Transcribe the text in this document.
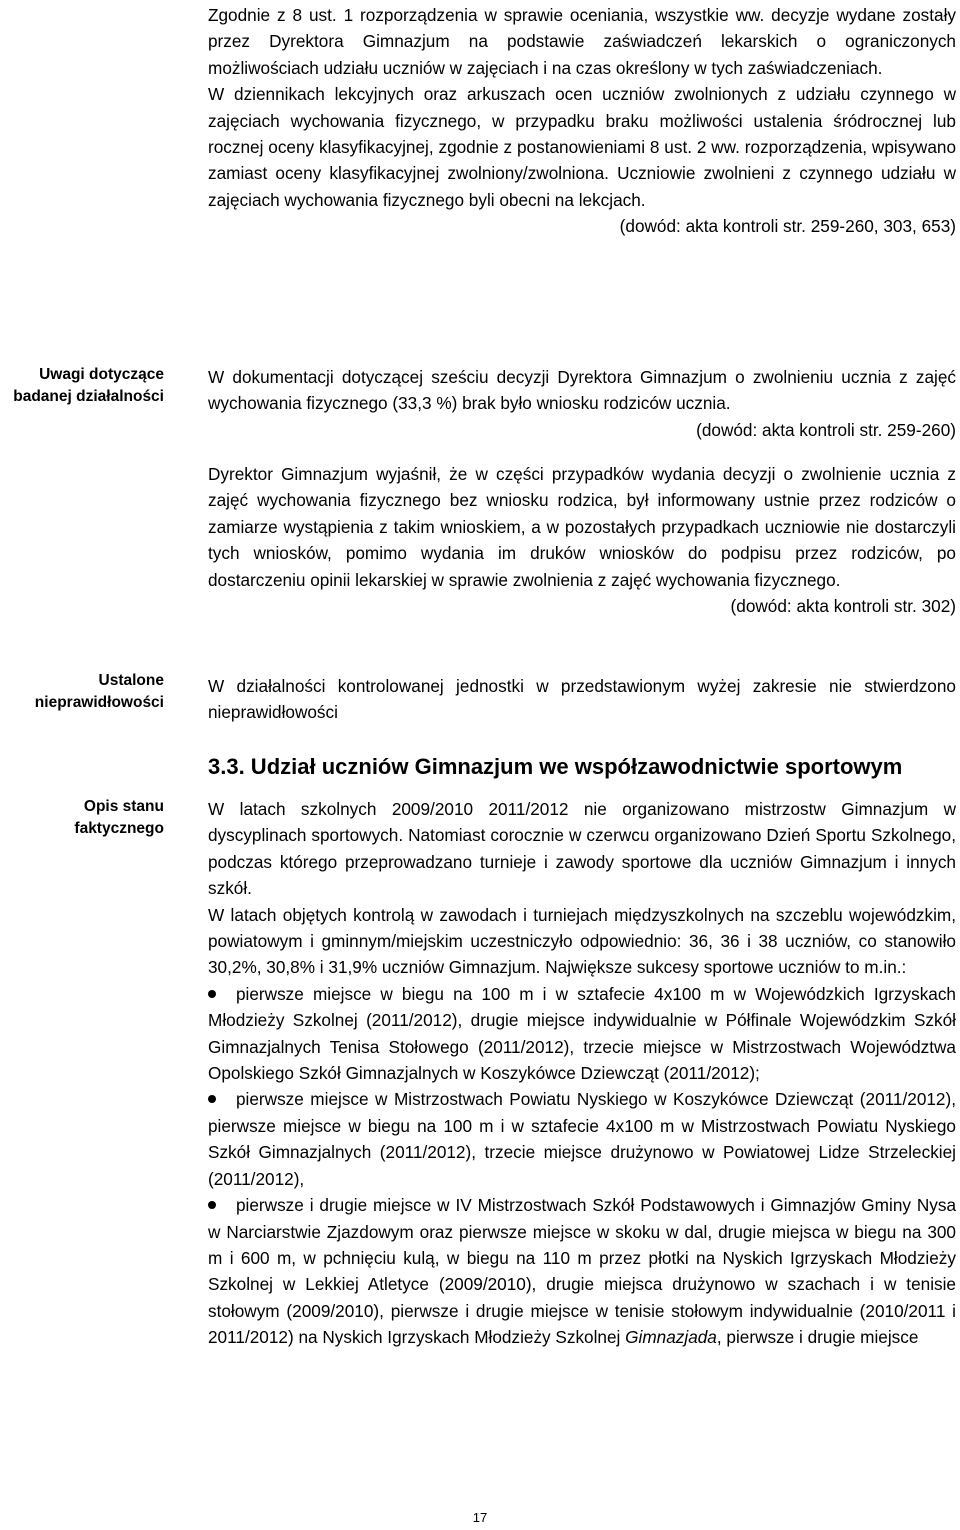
Zgodnie z 8 ust. 1 rozporządzenia w sprawie oceniania, wszystkie ww. decyzje wydane zostały przez Dyrektora Gimnazjum na podstawie zaświadczeń lekarskich o ograniczonych możliwościach udziału uczniów w zajęciach i na czas określony w tych zaświadczeniach.

W dziennikach lekcyjnych oraz arkuszach ocen uczniów zwolnionych z udziału czynnego w zajęciach wychowania fizycznego, w przypadku braku możliwości ustalenia śródrocznej lub rocznej oceny klasyfikacyjnej, zgodnie z postanowieniami 8 ust. 2 ww. rozporządzenia, wpisywano zamiast oceny klasyfikacyjnej zwolniony/zwolniona. Uczniowie zwolnieni z czynnego udziału w zajęciach wychowania fizycznego byli obecni na lekcjach.

(dowód: akta kontroli str. 259-260, 303, 653)

Uwagi dotyczące badanej działalności
Ustalone nieprawidłowości
Opis stanu faktycznego

W dokumentacji dotyczącej sześciu decyzji Dyrektora Gimnazjum o zwolnieniu ucznia z zajęć wychowania fizycznego (33,3 %) brak było wniosku rodziców ucznia.

(dowód: akta kontroli str. 259-260)

Dyrektor Gimnazjum wyjaśnił, że w części przypadków wydania decyzji o zwolnienie ucznia z zajęć wychowania fizycznego bez wniosku rodzica, był informowany ustnie przez rodziców o zamiarze wystąpienia z takim wnioskiem, a w pozostałych przypadkach uczniowie nie dostarczyli tych wniosków, pomimo wydania im druków wniosków do podpisu przez rodziców, po dostarczeniu opinii lekarskiej w sprawie zwolnienia z zajęć wychowania fizycznego.

(dowód: akta kontroli str. 302)

W działalności kontrolowanej jednostki w przedstawionym wyżej zakresie nie stwierdzono nieprawidłowości

3.3. Udział uczniów Gimnazjum we współzawodnictwie sportowym

W latach szkolnych 2009/2010 2011/2012 nie organizowano mistrzostw Gimnazjum w dyscyplinach sportowych. Natomiast corocznie w czerwcu organizowano Dzień Sportu Szkolnego, podczas którego przeprowadzano turnieje i zawody sportowe dla uczniów Gimnazjum i innych szkół.

W latach objętych kontrolą w zawodach i turniejach międzyszkolnych na szczeblu wojewódzkim, powiatowym i gminnym/miejskim uczestniczyło odpowiednio: 36, 36 i 38 uczniów, co stanowiło 30,2%, 30,8% i 31,9% uczniów Gimnazjum. Największe sukcesy sportowe uczniów to m.in.:

pierwsze miejsce w biegu na 100 m i w sztafecie 4x100 m w Wojewódzkich Igrzyskach Młodzieży Szkolnej (2011/2012), drugie miejsce indywidualnie w Półfinale Wojewódzkim Szkół Gimnazjalnych Tenisa Stołowego (2011/2012), trzecie miejsce w Mistrzostwach Województwa Opolskiego Szkół Gimnazjalnych w Koszykówce Dziewcząt (2011/2012);
pierwsze miejsce w Mistrzostwach Powiatu Nyskiego w Koszykówce Dziewcząt (2011/2012), pierwsze miejsce w biegu na 100 m i w sztafecie 4x100 m w Mistrzostwach Powiatu Nyskiego Szkół Gimnazjalnych (2011/2012), trzecie miejsce drużynowo w Powiatowej Lidze Strzeleckiej (2011/2012),
pierwsze i drugie miejsce w IV Mistrzostwach Szkół Podstawowych i Gimnazjów Gminy Nysa w Narciarstwie Zjazdowym oraz pierwsze miejsce w skoku w dal, drugie miejsca w biegu na 300 m i 600 m, w pchnięciu kulą, w biegu na 110 m przez płotki na Nyskich Igrzyskach Młodzieży Szkolnej w Lekkiej Atletyce (2009/2010), drugie miejsca drużynowo w szachach i w tenisie stołowym (2009/2010), pierwsze i drugie miejsce w tenisie stołowym indywidualnie (2010/2011 i 2011/2012) na Nyskich Igrzyskach Młodzieży Szkolnej Gimnazjada, pierwsze i drugie miejsce
17
